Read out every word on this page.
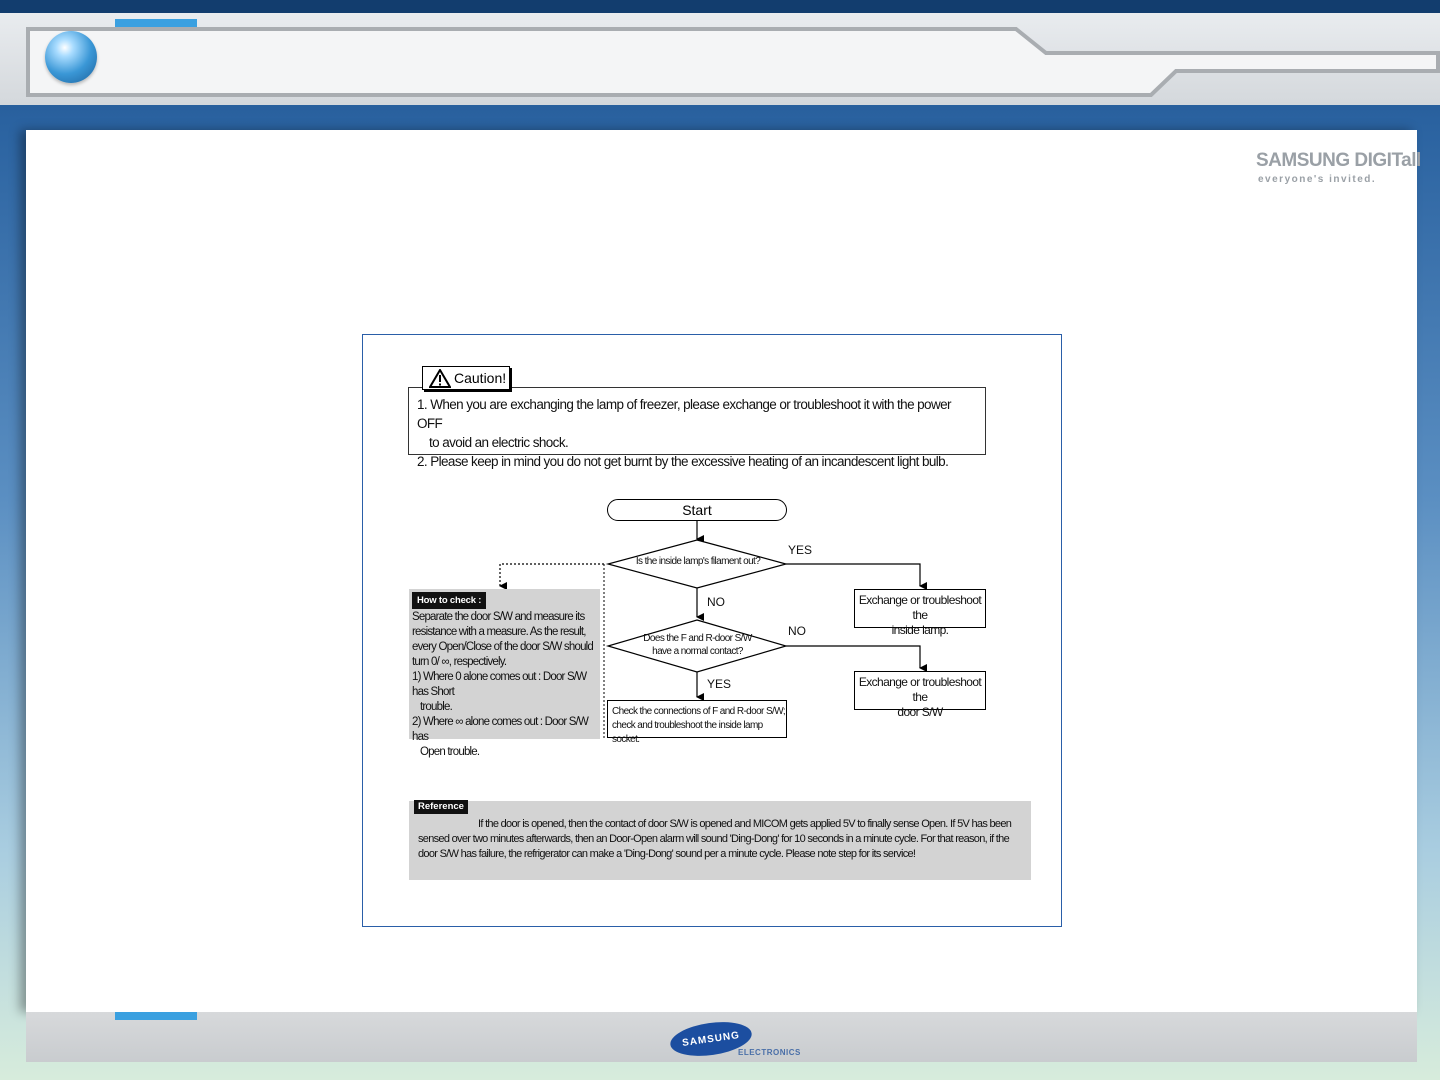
SAMSUNG DIGITall
everyone's invited.
1. When you are exchanging the lamp of freezer, please exchange or troubleshoot it with the power OFF
to avoid an electric shock.
2. Please keep in mind you do not get burnt by the excessive heating of an incandescent light bulb.
Caution!
Start
Is the inside lamp's filament out?
Does the F and R-door S/W
have a normal contact?
YES
NO
NO
YES
Exchange or troubleshoot the
inside lamp.
Exchange or troubleshoot the
door S/W
Check the connections of F and R-door S/W;
check and troubleshoot the inside lamp socket.
How to check :
Separate the door S/W and measure its resistance with a measure. As the result, every Open/Close of the door S/W should turn 0/ ∞, respectively.
1) Where 0 alone comes out : Door S/W has Short
trouble.
2) Where ∞ alone comes out : Door S/W has
Open trouble.
Reference
If the door is opened, then the contact of door S/W is opened and MICOM gets applied 5V to finally sense Open. If 5V has been sensed over two minutes afterwards, then an Door-Open alarm will sound 'Ding-Dong' for 10 seconds in a minute cycle. For that reason, if the door S/W has failure, the refrigerator can make a 'Ding-Dong' sound per a minute cycle. Please note step for its service!
SAMSUNG
ELECTRONICS
